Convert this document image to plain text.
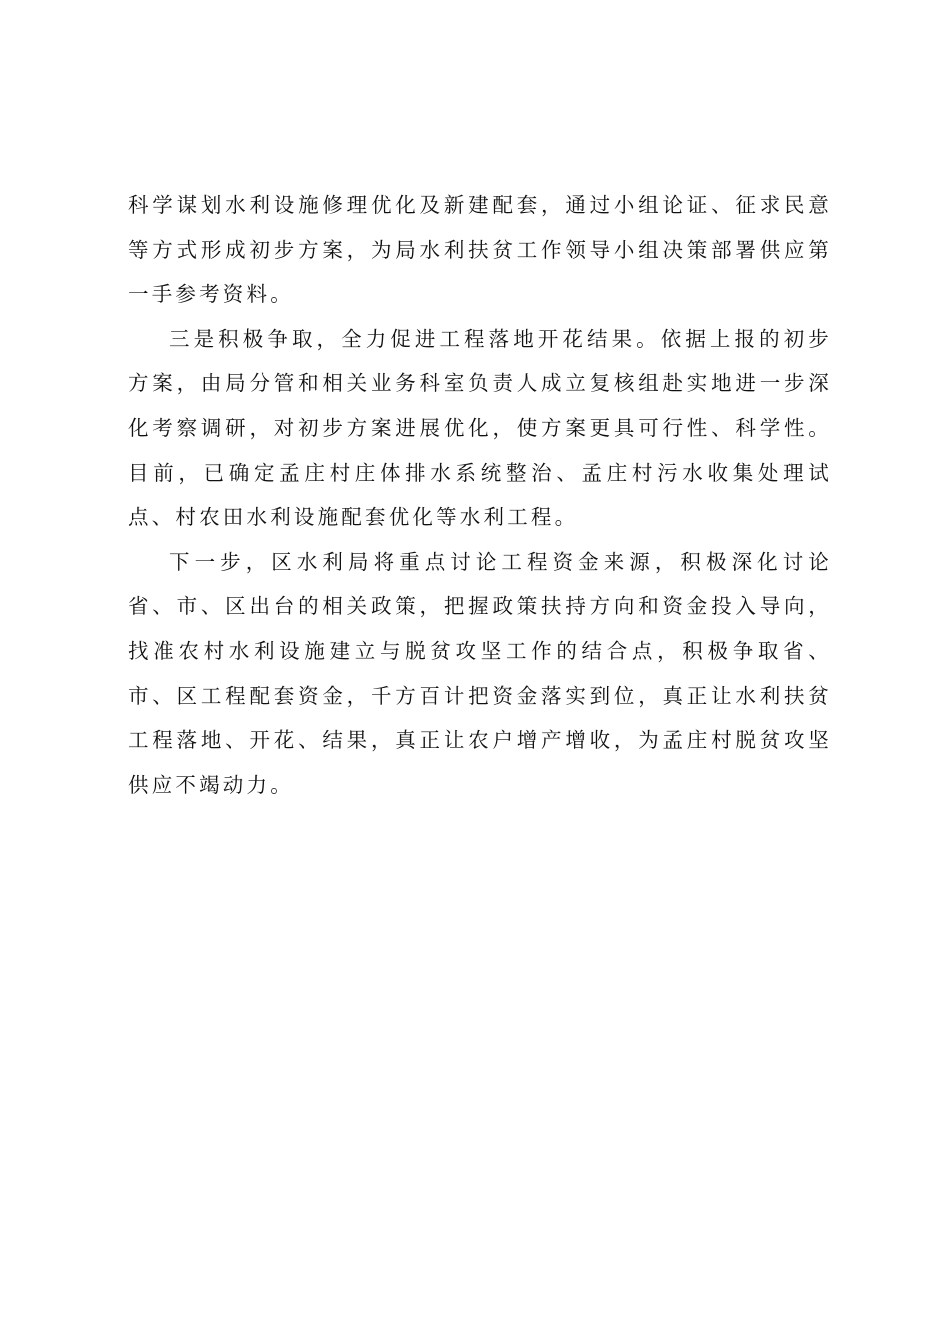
科学谋划水利设施修理优化及新建配套，通过小组论证、征求民意等方式形成初步方案，为局水利扶贫工作领导小组决策部署供应第一手参考资料。

三是积极争取，全力促进工程落地开花结果。依据上报的初步方案，由局分管和相关业务科室负责人成立复核组赴实地进一步深化考察调研，对初步方案进展优化，使方案更具可行性、科学性。目前，已确定孟庄村庄体排水系统整治、孟庄村污水收集处理试点、村农田水利设施配套优化等水利工程。

下一步，区水利局将重点讨论工程资金来源，积极深化讨论省、市、区出台的相关政策，把握政策扶持方向和资金投入导向，找准农村水利设施建立与脱贫攻坚工作的结合点，积极争取省、市、区工程配套资金，千方百计把资金落实到位，真正让水利扶贫工程落地、开花、结果，真正让农户增产增收，为孟庄村脱贫攻坚供应不竭动力。
